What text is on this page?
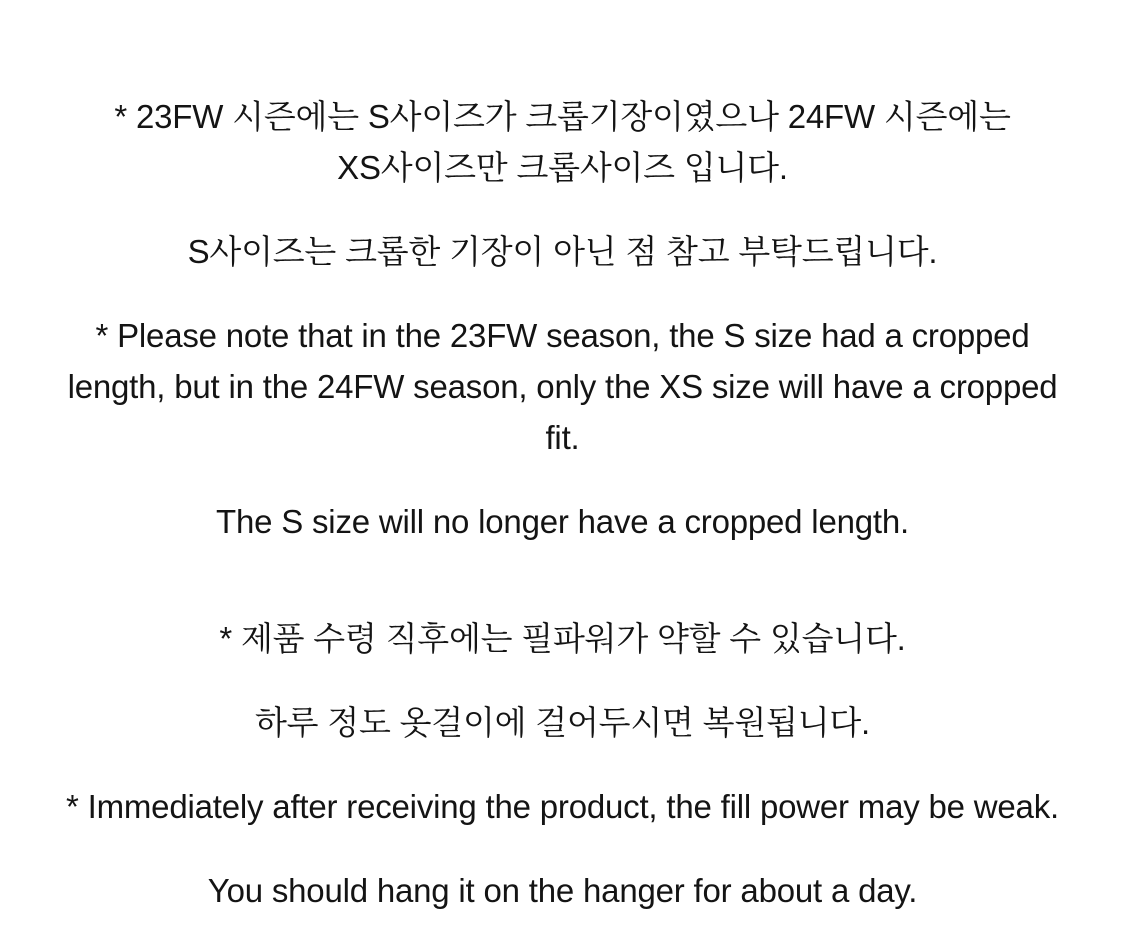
* 23FW 시즌에는 S사이즈가 크롭기장이였으나 24FW 시즌에는 XS사이즈만 크롭사이즈 입니다.

S사이즈는 크롭한 기장이 아닌 점 참고 부탁드립니다.

* Please note that in the 23FW season, the S size had a cropped length, but in the 24FW season, only the XS size will have a cropped fit.

The S size will no longer have a cropped length.

* 제품 수령 직후에는 필파워가 약할 수 있습니다.

하루 정도 옷걸이에 걸어두시면 복원됩니다.

* Immediately after receiving the product, the fill power may be weak.

You should hang it on the hanger for about a day.
